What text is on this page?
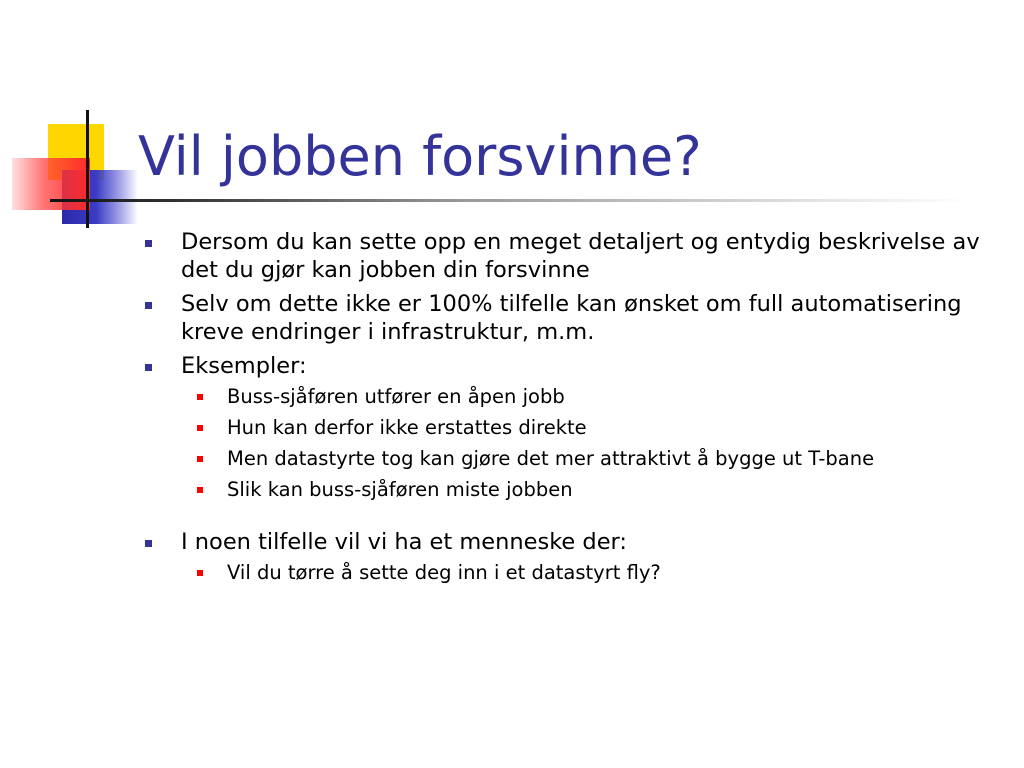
Vil jobben forsvinne?
Dersom du kan sette opp en meget detaljert og entydig beskrivelse av det du gjør kan jobben din forsvinne
Selv om dette ikke er 100% tilfelle kan ønsket om full automatisering kreve endringer i infrastruktur, m.m.
Eksempler:
Buss-sjåføren utfører en åpen jobb
Hun kan derfor ikke erstattes direkte
Men datastyrte tog kan gjøre det mer attraktivt å bygge ut T-bane
Slik kan buss-sjåføren miste jobben
I noen tilfelle vil vi ha et menneske der:
Vil du tørre å sette deg inn i et datastyrt fly?
